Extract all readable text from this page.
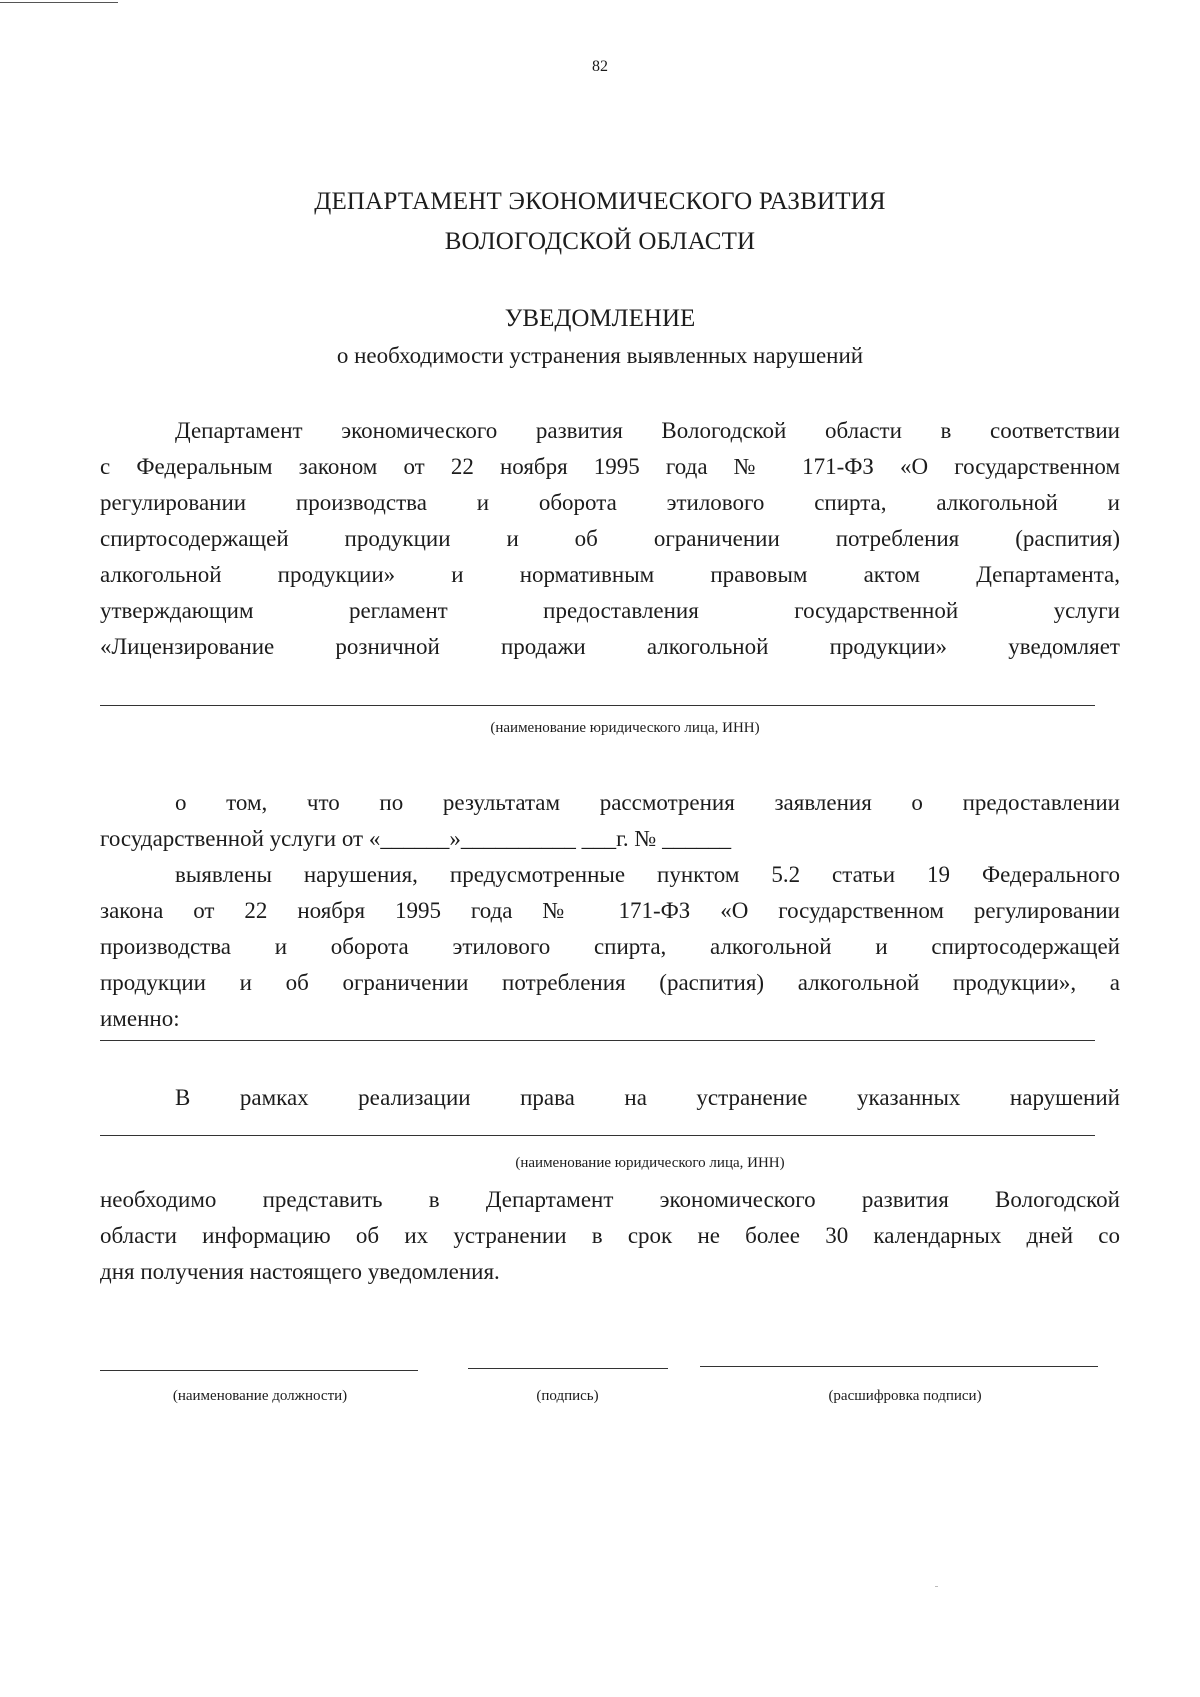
82
ДЕПАРТАМЕНТ ЭКОНОМИЧЕСКОГО РАЗВИТИЯ
ВОЛОГОДСКОЙ ОБЛАСТИ
УВЕДОМЛЕНИЕ
о необходимости устранения выявленных нарушений
Департамент экономического развития Вологодской области в соответствии
с Федеральным законом от 22 ноября 1995 года № 171-ФЗ «О государственном
регулировании производства и оборота этилового спирта, алкогольной и
спиртосодержащей продукции и об ограничении потребления (распития)
алкогольной продукции» и нормативным правовым актом Департамента,
утверждающим регламент предоставления государственной услуги
«Лицензирование розничной продажи алкогольной продукции» уведомляет
(наименование юридического лица, ИНН)
о том, что по результатам рассмотрения заявления о предоставлении
государственной услуги от «______»__________ ___г. № ______
выявлены нарушения, предусмотренные пунктом 5.2 статьи 19 Федерального
закона от 22 ноября 1995 года № 171-ФЗ «О государственном регулировании
производства и оборота этилового спирта, алкогольной и спиртосодержащей
продукции и об ограничении потребления (распития) алкогольной продукции», а
именно:
В рамках реализации права на устранение указанных нарушений
(наименование юридического лица, ИНН)
необходимо представить в Департамент экономического развития Вологодской
области информацию об их устранении в срок не более 30 календарных дней со
дня получения настоящего уведомления.
(наименование должности)	(подпись)	(расшифровка подписи)
